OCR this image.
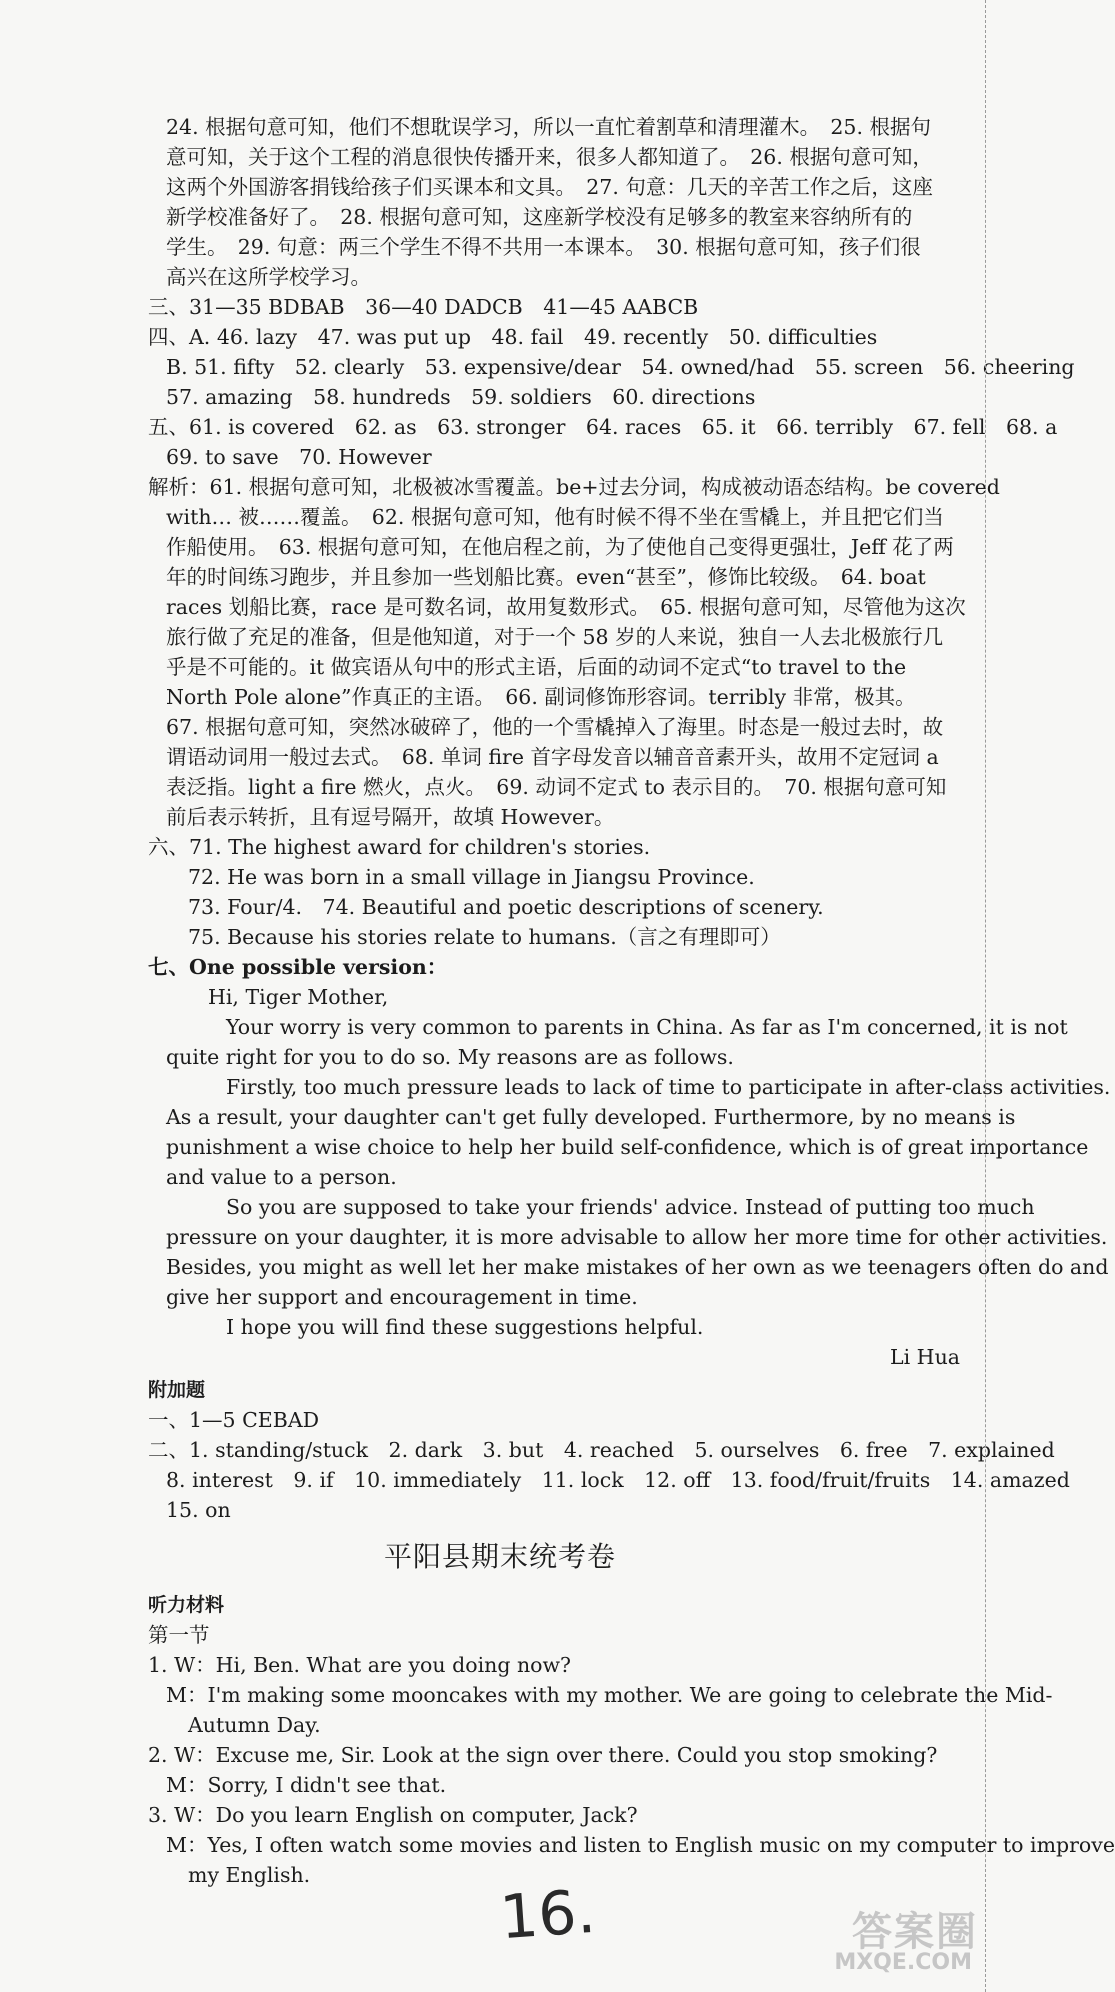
24. 根据句意可知，他们不想耽误学习，所以一直忙着割草和清理灌木。　25. 根据句
意可知，关于这个工程的消息很快传播开来，很多人都知道了。　26. 根据句意可知，
这两个外国游客捐钱给孩子们买课本和文具。　27. 句意：几天的辛苦工作之后，这座
新学校准备好了。　28. 根据句意可知，这座新学校没有足够多的教室来容纳所有的
学生。　29. 句意：两三个学生不得不共用一本课本。　30. 根据句意可知，孩子们很
高兴在这所学校学习。
三、31—35 BDBAB　36—40 DADCB　41—45 AABCB
四、A. 46. lazy　47. was put up　48. fail　49. recently　50. difficulties
B. 51. fifty　52. clearly　53. expensive/dear　54. owned/had　55. screen　56. cheering
57. amazing　58. hundreds　59. soldiers　60. directions
五、61. is covered　62. as　63. stronger　64. races　65. it　66. terribly　67. fell　68. a
69. to save　70. However
解析：61. 根据句意可知，北极被冰雪覆盖。be+过去分词，构成被动语态结构。be covered
with… 被……覆盖。　62. 根据句意可知，他有时候不得不坐在雪橇上，并且把它们当
作船使用。　63. 根据句意可知，在他启程之前，为了使他自己变得更强壮，Jeff 花了两
年的时间练习跑步，并且参加一些划船比赛。even“甚至”，修饰比较级。　64. boat
races 划船比赛，race 是可数名词，故用复数形式。　65. 根据句意可知，尽管他为这次
旅行做了充足的准备，但是他知道，对于一个 58 岁的人来说，独自一人去北极旅行几
乎是不可能的。it 做宾语从句中的形式主语，后面的动词不定式“to travel to the
North Pole alone”作真正的主语。　66. 副词修饰形容词。terribly 非常，极其。
67. 根据句意可知，突然冰破碎了，他的一个雪橇掉入了海里。时态是一般过去时，故
谓语动词用一般过去式。　68. 单词 fire 首字母发音以辅音音素开头，故用不定冠词 a
表泛指。light a fire 燃火，点火。　69. 动词不定式 to 表示目的。　70. 根据句意可知
前后表示转折，且有逗号隔开，故填 However。
六、71. The highest award for children's stories.
72. He was born in a small village in Jiangsu Province.
73. Four/4.　74. Beautiful and poetic descriptions of scenery.
75. Because his stories relate to humans.（言之有理即可）
七、One possible version：
Hi, Tiger Mother,
Your worry is very common to parents in China. As far as I'm concerned, it is not
quite right for you to do so. My reasons are as follows.
Firstly, too much pressure leads to lack of time to participate in after-class activities.
As a result, your daughter can't get fully developed. Furthermore, by no means is
punishment a wise choice to help her build self-confidence, which is of great importance
and value to a person.
So you are supposed to take your friends' advice. Instead of putting too much
pressure on your daughter, it is more advisable to allow her more time for other activities.
Besides, you might as well let her make mistakes of her own as we teenagers often do and
give her support and encouragement in time.
I hope you will find these suggestions helpful.
Li Hua
附加题
一、1—5 CEBAD
二、1. standing/stuck　2. dark　3. but　4. reached　5. ourselves　6. free　7. explained
8. interest　9. if　10. immediately　11. lock　12. off　13. food/fruit/fruits　14. amazed
15. on
平阳县期末统考卷
听力材料
第一节
1. W：Hi, Ben. What are you doing now?
M：I'm making some mooncakes with my mother. We are going to celebrate the Mid-
Autumn Day.
2. W：Excuse me, Sir. Look at the sign over there. Could you stop smoking?
M：Sorry, I didn't see that.
3. W：Do you learn English on computer, Jack?
M：Yes, I often watch some movies and listen to English music on my computer to improve
my English.
16.	答案圈
MXQE.COM
